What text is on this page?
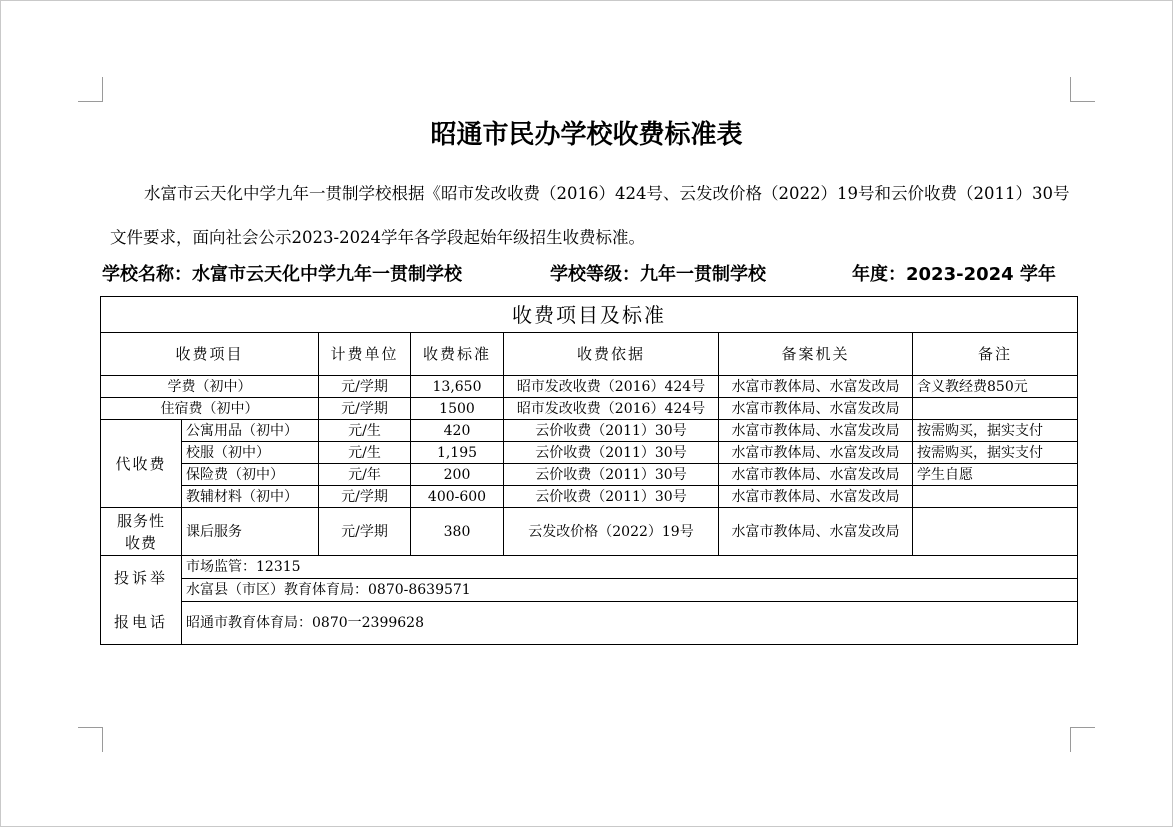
昭通市民办学校收费标准表
水富市云天化中学九年一贯制学校根据《昭市发改收费（2016）424号、云发改价格（2022）19号和云价收费（2011）30号文件要求，面向社会公示2023-2024学年各学段起始年级招生收费标准。
学校名称：水富市云天化中学九年一贯制学校	学校等级：九年一贯制学校	年度：2023-2024 学年
收费项目及标准						
收费项目		计费单位	收费标准	收费依据	备案机关	备注
学费（初中）		元/学期	13,650	昭市发改收费（2016）424号	水富市教体局、水富发改局	含义教经费850元
住宿费（初中）		元/学期	1500	昭市发改收费（2016）424号	水富市教体局、水富发改局	
代收费	公寓用品（初中）	元/生	420	云价收费（2011）30号	水富市教体局、水富发改局	按需购买，据实支付
	校服（初中）	元/生	1,195	云价收费（2011）30号	水富市教体局、水富发改局	按需购买，据实支付
	保险费（初中）	元/年	200	云价收费（2011）30号	水富市教体局、水富发改局	学生自愿
	教辅材料（初中）	元/学期	400-600	云价收费（2011）30号	水富市教体局、水富发改局	

服务性
收费	课后服务	元/学期	380	云发改价格（2022）19号	水富市教体局、水富发改局	

投诉举
报电话	市场监管：12315					
	水富县（市区）教育体育局：0870-8639571					
	昭通市教育体育局：0870一2399628					
